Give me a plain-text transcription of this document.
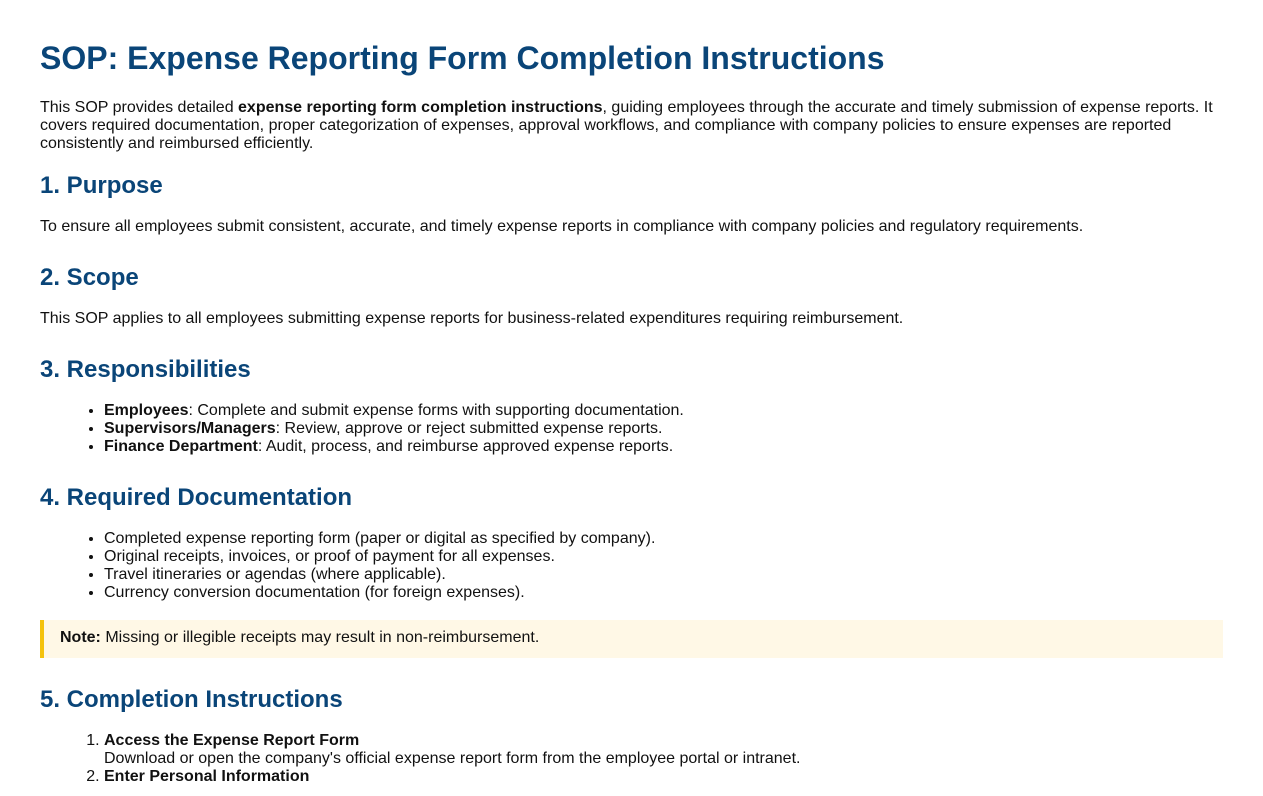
SOP: Expense Reporting Form Completion Instructions

This SOP provides detailed expense reporting form completion instructions, guiding employees through the accurate and timely submission of expense reports. It covers required documentation, proper categorization of expenses, approval workflows, and compliance with company policies to ensure expenses are reported consistently and reimbursed efficiently.

1. Purpose

To ensure all employees submit consistent, accurate, and timely expense reports in compliance with company policies and regulatory requirements.

2. Scope

This SOP applies to all employees submitting expense reports for business-related expenditures requiring reimbursement.

3. Responsibilities
• Employees: Complete and submit expense forms with supporting documentation.
• Supervisors/Managers: Review, approve or reject submitted expense reports.
• Finance Department: Audit, process, and reimburse approved expense reports.
4. Required Documentation
• Completed expense reporting form (paper or digital as specified by company).
• Original receipts, invoices, or proof of payment for all expenses.
• Travel itineraries or agendas (where applicable).
• Currency conversion documentation (for foreign expenses).
Note: Missing or illegible receipts may result in non-reimbursement.
5. Completion Instructions
1. Access the Expense Report Form
Download or open the company's official expense report form from the employee portal or intranet.
2. Enter Personal Information
